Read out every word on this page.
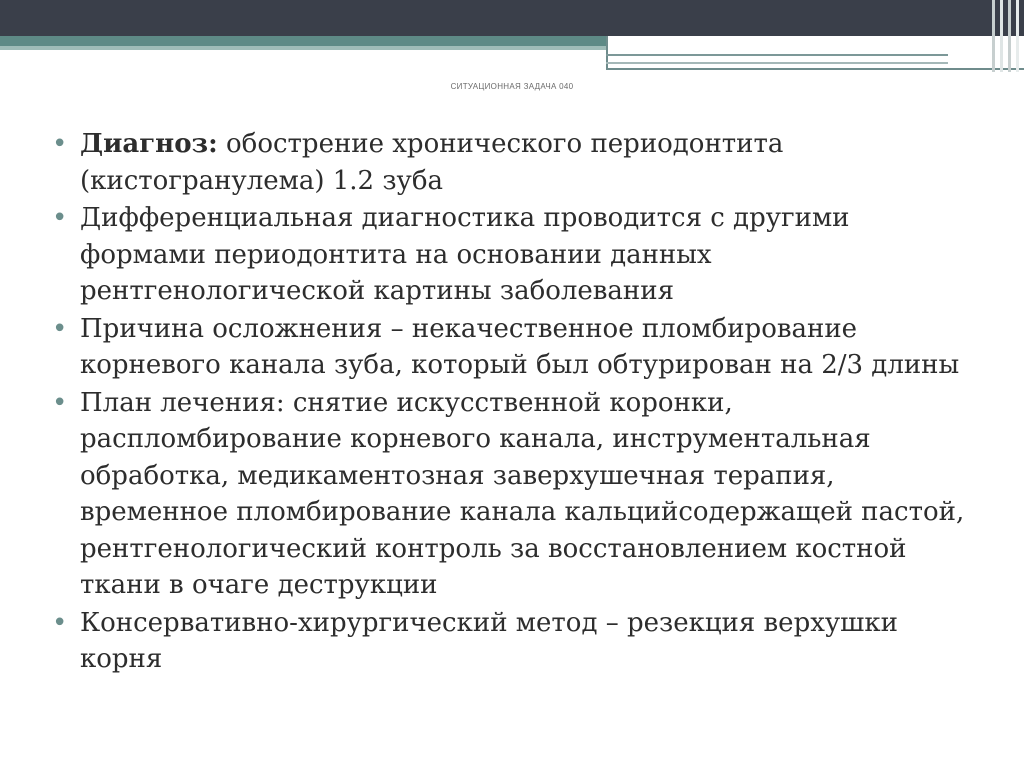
СИТУАЦИОННАЯ ЗАДАЧА 040
• Диагноз: обострение хронического периодонтита (кистогранулема) 1.2 зуба
• Дифференциальная диагностика проводится с другими формами периодонтита на основании данных рентгенологической картины заболевания
• Причина осложнения – некачественное пломбирование корневого канала зуба, который был обтурирован на 2/3 длины
• План лечения: снятие искусственной коронки, распломбирование корневого канала, инструментальная обработка, медикаментозная заверхушечная терапия, временное пломбирование канала кальцийсодержащей пастой, рентгенологический контроль за восстановлением костной ткани в очаге деструкции
• Консервативно-хирургический метод – резекция верхушки корня
